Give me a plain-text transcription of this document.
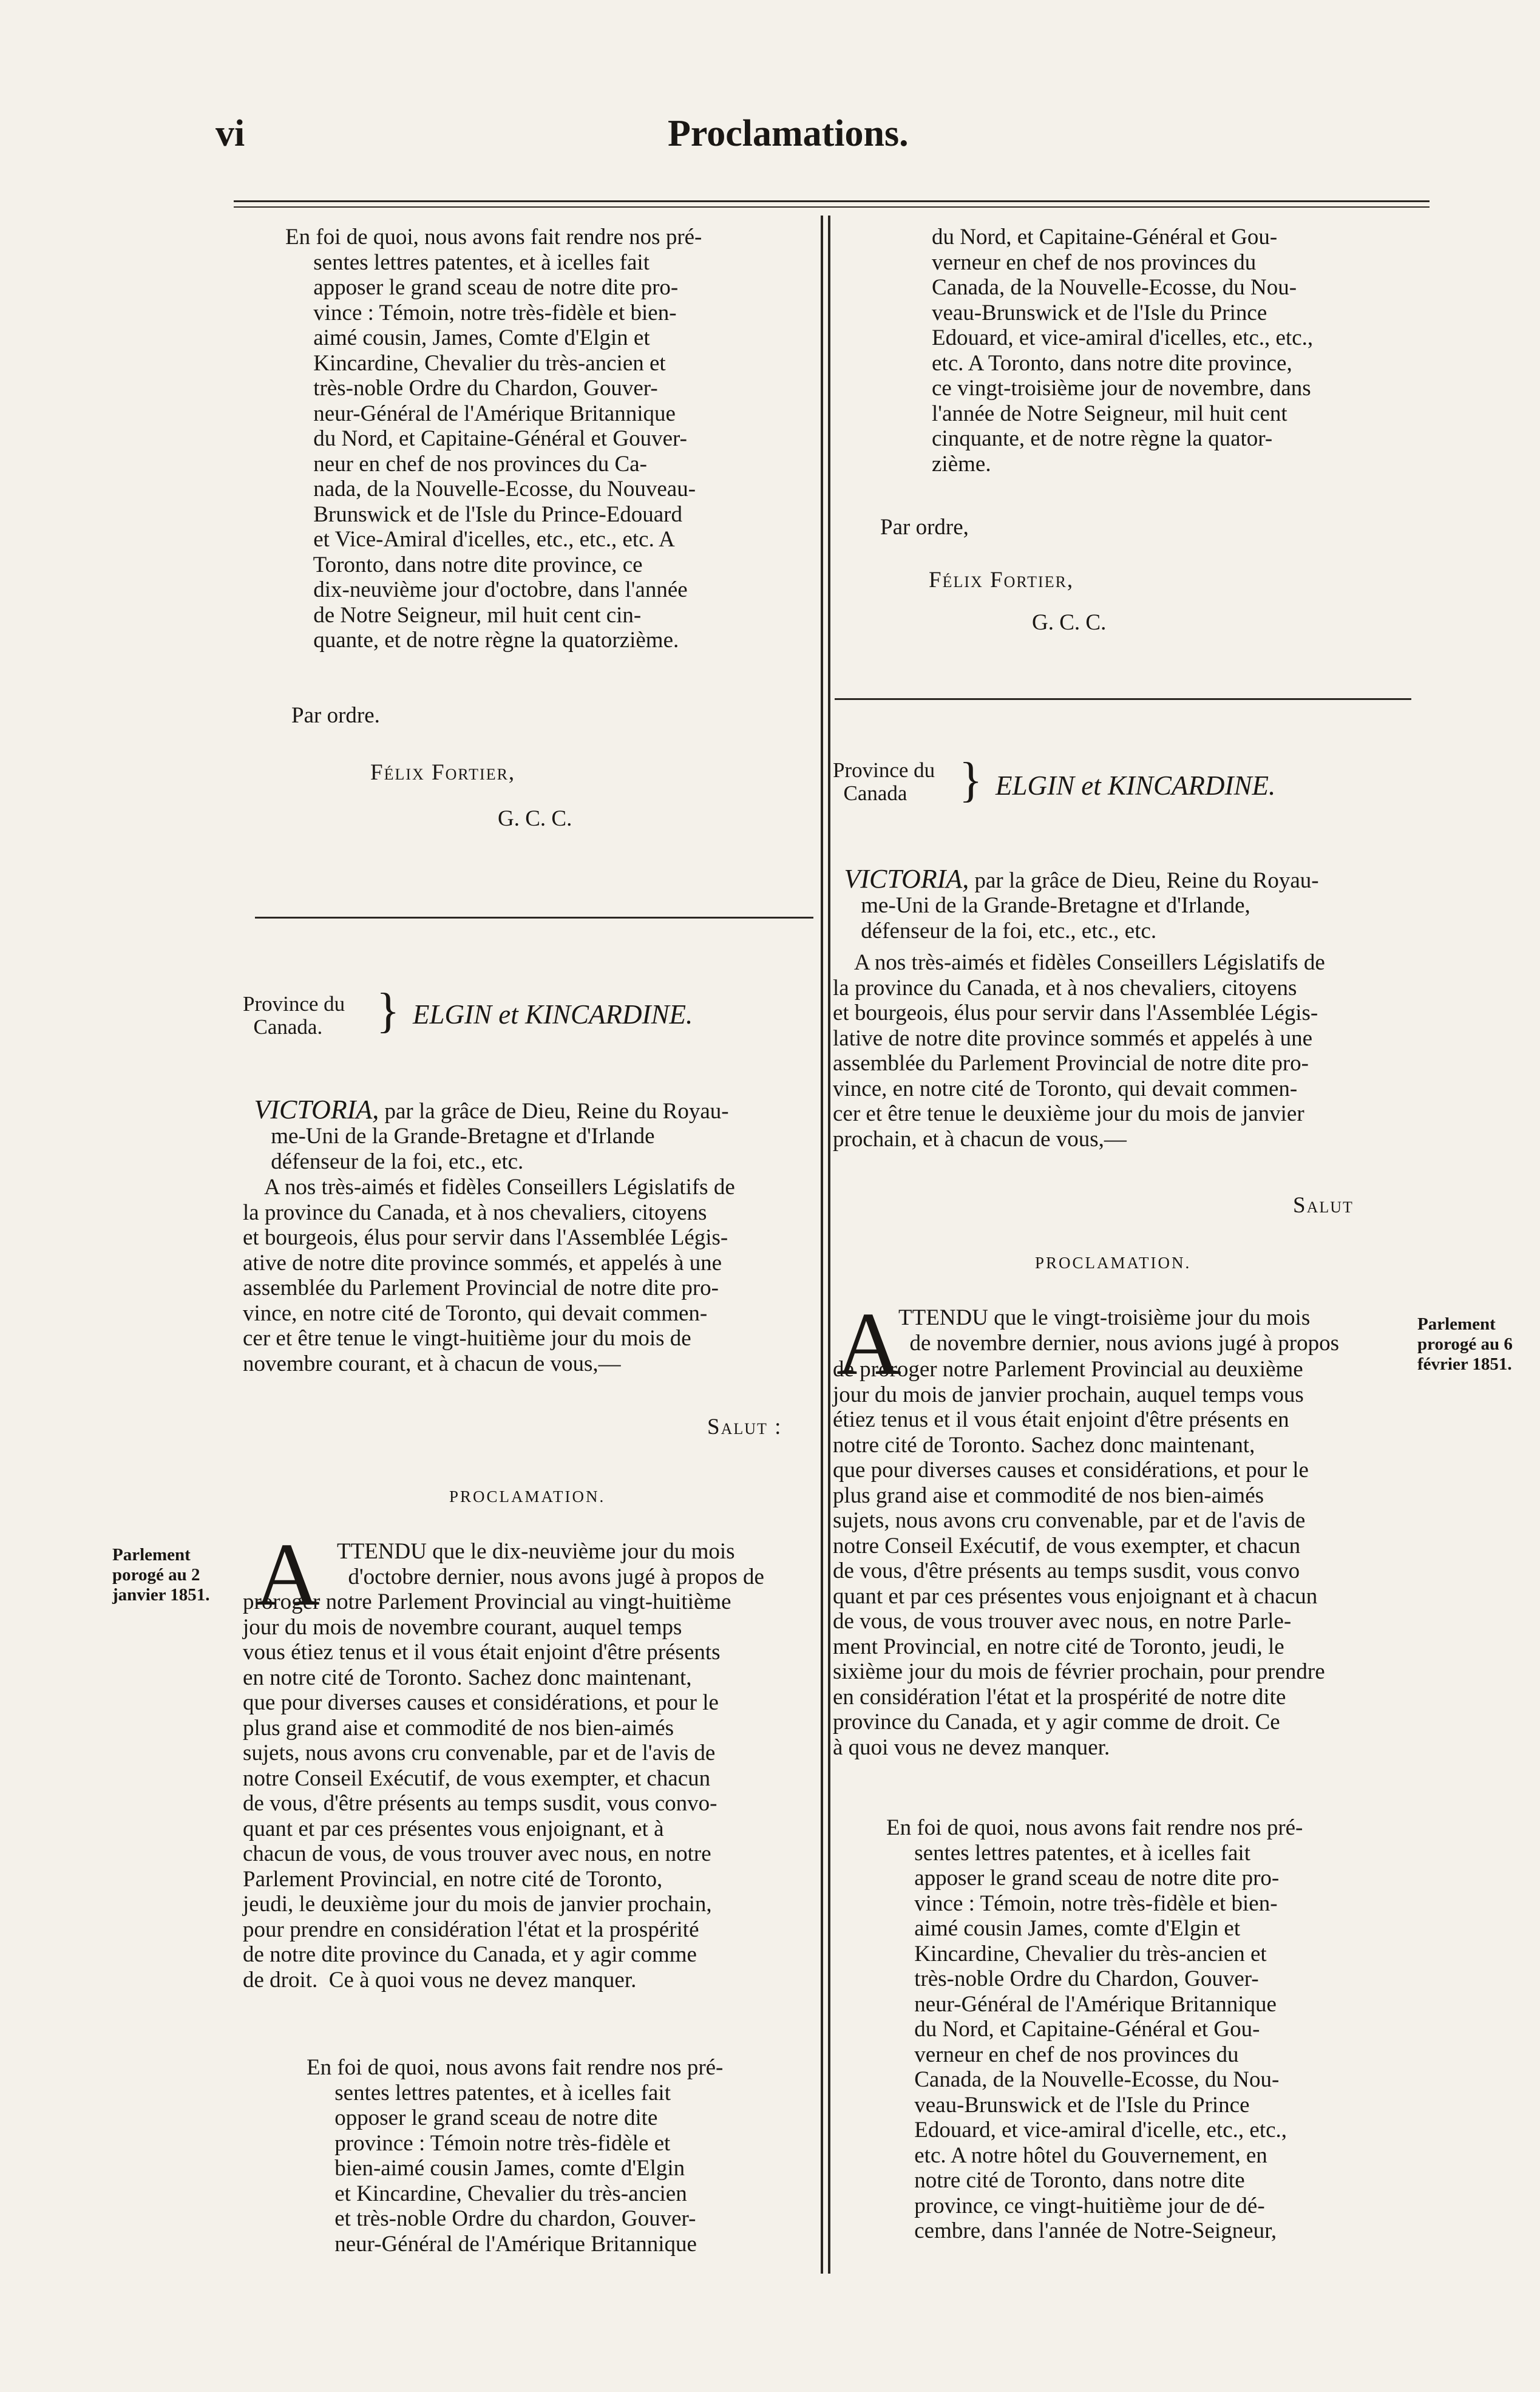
vi	Proclamations.
En foi de quoi, nous avons fait rendre nos pré-
sentes lettres patentes, et à icelles fait
apposer le grand sceau de notre dite pro-
vince : Témoin, notre très-fidèle et bien-
aimé cousin, James, Comte d'Elgin et
Kincardine, Chevalier du très-ancien et
très-noble Ordre du Chardon, Gouver-
neur-Général de l'Amérique Britannique
du Nord, et Capitaine-Général et Gouver-
neur en chef de nos provinces du Ca-
nada, de la Nouvelle-Ecosse, du Nouveau-
Brunswick et de l'Isle du Prince-Edouard
et Vice-Amiral d'icelles, etc., etc., etc. A
Toronto, dans notre dite province, ce
dix-neuvième jour d'octobre, dans l'année
de Notre Seigneur, mil huit cent cin-
quante, et de notre règne la quatorzième.
Par ordre.
Félix Fortier,
G. C. C.
Province du
Canada.	} ELGIN et KINCARDINE.

VICTORIA, par la grâce de Dieu, Reine du Royau-
me-Uni de la Grande-Bretagne et d'Irlande
défenseur de la foi, etc., etc.

A nos très-aimés et fidèles Conseillers Législatifs de
la province du Canada, et à nos chevaliers, citoyens
et bourgeois, élus pour servir dans l'Assemblée Légis-
ative de notre dite province sommés, et appelés à une
assemblée du Parlement Provincial de notre dite pro-
vince, en notre cité de Toronto, qui devait commen-
cer et être tenue le vingt-huitième jour du mois de
novembre courant, et à chacun de vous,—
Salut :
PROCLAMATION.
Parlement
porogé au 2
janvier 1851. A TTENDU que le dix-neuvième jour du mois
d'octobre dernier, nous avons jugé à propos de
proroger notre Parlement Provincial au vingt-huitième
jour du mois de novembre courant, auquel temps
vous étiez tenus et il vous était enjoint d'être présents
en notre cité de Toronto. Sachez donc maintenant,
que pour diverses causes et considérations, et pour le
plus grand aise et commodité de nos bien-aimés
sujets, nous avons cru convenable, par et de l'avis de
notre Conseil Exécutif, de vous exempter, et chacun
de vous, d'être présents au temps susdit, vous convo-
quant et par ces présentes vous enjoignant, et à
chacun de vous, de vous trouver avec nous, en notre
Parlement Provincial, en notre cité de Toronto,
jeudi, le deuxième jour du mois de janvier prochain,
pour prendre en considération l'état et la prospérité
de notre dite province du Canada, et y agir comme
de droit.  Ce à quoi vous ne devez manquer.
En foi de quoi, nous avons fait rendre nos pré-
sentes lettres patentes, et à icelles fait
opposer le grand sceau de notre dite
province : Témoin notre très-fidèle et
bien-aimé cousin James, comte d'Elgin
et Kincardine, Chevalier du très-ancien
et très-noble Ordre du chardon, Gouver-
neur-Général de l'Amérique Britannique
du Nord, et Capitaine-Général et Gou-
verneur en chef de nos provinces du
Canada, de la Nouvelle-Ecosse, du Nou-
veau-Brunswick et de l'Isle du Prince
Edouard, et vice-amiral d'icelles, etc., etc.,
etc. A Toronto, dans notre dite province,
ce vingt-troisième jour de novembre, dans
l'année de Notre Seigneur, mil huit cent
cinquante, et de notre règne la quator-
zième.
Par ordre,
Félix Fortier,
G. C. C.
Province du
Canada	} ELGIN et KINCARDINE.

VICTORIA, par la grâce de Dieu, Reine du Royau-
me-Uni de la Grande-Bretagne et d'Irlande,
défenseur de la foi, etc., etc., etc.

A nos très-aimés et fidèles Conseillers Législatifs de
la province du Canada, et à nos chevaliers, citoyens
et bourgeois, élus pour servir dans l'Assemblée Légis-
lative de notre dite province sommés et appelés à une
assemblée du Parlement Provincial de notre dite pro-
vince, en notre cité de Toronto, qui devait commen-
cer et être tenue le deuxième jour du mois de janvier
prochain, et à chacun de vous,—
Salut
PROCLAMATION.
Parlement
prorogé au 6
février 1851.
A
TTENDU que le vingt-troisième jour du mois
de novembre dernier, nous avions jugé à propos
de proroger notre Parlement Provincial au deuxième
jour du mois de janvier prochain, auquel temps vous
étiez tenus et il vous était enjoint d'être présents en
notre cité de Toronto. Sachez donc maintenant,
que pour diverses causes et considérations, et pour le
plus grand aise et commodité de nos bien-aimés
sujets, nous avons cru convenable, par et de l'avis de
notre Conseil Exécutif, de vous exempter, et chacun
de vous, d'être présents au temps susdit, vous convo
quant et par ces présentes vous enjoignant et à chacun
de vous, de vous trouver avec nous, en notre Parle-
ment Provincial, en notre cité de Toronto, jeudi, le
sixième jour du mois de février prochain, pour prendre
en considération l'état et la prospérité de notre dite
province du Canada, et y agir comme de droit. Ce
à quoi vous ne devez manquer.
En foi de quoi, nous avons fait rendre nos pré-
sentes lettres patentes, et à icelles fait
apposer le grand sceau de notre dite pro-
vince : Témoin, notre très-fidèle et bien-
aimé cousin James, comte d'Elgin et
Kincardine, Chevalier du très-ancien et
très-noble Ordre du Chardon, Gouver-
neur-Général de l'Amérique Britannique
du Nord, et Capitaine-Général et Gou-
verneur en chef de nos provinces du
Canada, de la Nouvelle-Ecosse, du Nou-
veau-Brunswick et de l'Isle du Prince
Edouard, et vice-amiral d'icelle, etc., etc.,
etc. A notre hôtel du Gouvernement, en
notre cité de Toronto, dans notre dite
province, ce vingt-huitième jour de dé-
cembre, dans l'année de Notre-Seigneur,
